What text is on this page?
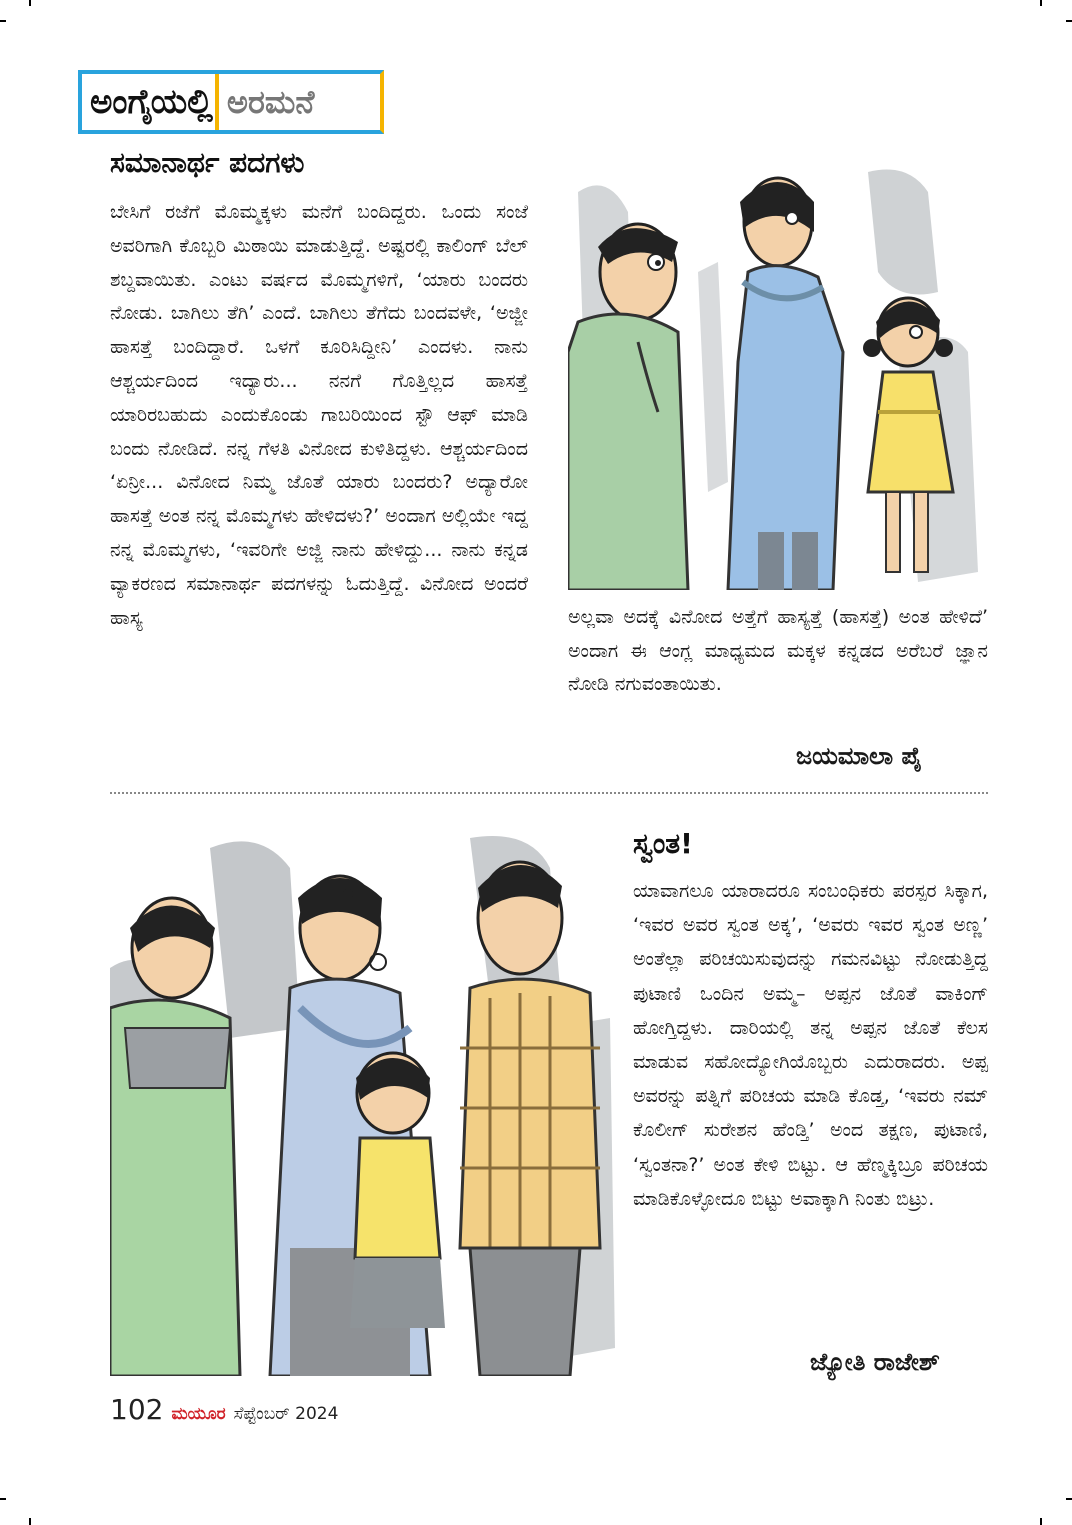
ಅಂಗೈಯಲ್ಲಿ ಅರಮನೆ
ಸಮಾನಾರ್ಥ ಪದಗಳು

ಬೇಸಿಗೆ ರಜೆಗೆ ಮೊಮ್ಮಕ್ಕಳು ಮನೆಗೆ ಬಂದಿದ್ದರು. ಒಂದು ಸಂಜೆ ಅವರಿಗಾಗಿ ಕೊಬ್ಬರಿ ಮಿಠಾಯಿ ಮಾಡುತ್ತಿದ್ದೆ. ಅಷ್ಟರಲ್ಲಿ ಕಾಲಿಂಗ್ ಬೆಲ್ ಶಬ್ದವಾಯಿತು. ಎಂಟು ವರ್ಷದ ಮೊಮ್ಮಗಳಿಗೆ, ‘ಯಾರು ಬಂದರು ನೋಡು. ಬಾಗಿಲು ತೆಗಿ’ ಎಂದೆ. ಬಾಗಿಲು ತೆಗೆದು ಬಂದವಳೇ, ‘ಅಜ್ಜೀ ಹಾಸತ್ತೆ ಬಂದಿದ್ದಾರೆ. ಒಳಗೆ ಕೂರಿಸಿದ್ದೀನಿ’ ಎಂದಳು. ನಾನು ಆಶ್ಚರ್ಯದಿಂದ ಇದ್ಯಾರು... ನನಗೆ ಗೊತ್ತಿಲ್ಲದ ಹಾಸತ್ತೆ ಯಾರಿರಬಹುದು ಎಂದುಕೊಂಡು ಗಾಬರಿಯಿಂದ ಸ್ಟೌ ಆಫ್ ಮಾಡಿ ಬಂದು ನೋಡಿದೆ. ನನ್ನ ಗೆಳತಿ ವಿನೋದ ಕುಳಿತಿದ್ದಳು. ಆಶ್ಚರ್ಯದಿಂದ ‘ಏನ್ರೀ... ವಿನೋದ ನಿಮ್ಮ ಜೊತೆ ಯಾರು ಬಂದರು? ಅದ್ಯಾರೋ ಹಾಸತ್ತೆ ಅಂತ ನನ್ನ ಮೊಮ್ಮಗಳು ಹೇಳಿದಳು?’ ಅಂದಾಗ ಅಲ್ಲಿಯೇ ಇದ್ದ ನನ್ನ ಮೊಮ್ಮಗಳು, ‘ಇವರಿಗೇ ಅಜ್ಜಿ ನಾನು ಹೇಳಿದ್ದು... ನಾನು ಕನ್ನಡ ವ್ಯಾಕರಣದ ಸಮಾನಾರ್ಥ ಪದಗಳನ್ನು ಓದುತ್ತಿದ್ದೆ. ವಿನೋದ ಅಂದರೆ ಹಾಸ್ಯ	ಅಲ್ಲವಾ ಅದಕ್ಕೆ ವಿನೋದ ಅತ್ತೆಗೆ ಹಾಸ್ಯತ್ತೆ (ಹಾಸತ್ತೆ) ಅಂತ ಹೇಳಿದೆ’ ಅಂದಾಗ ಈ ಆಂಗ್ಲ ಮಾಧ್ಯಮದ ಮಕ್ಕಳ ಕನ್ನಡದ ಅರೆಬರೆ ಜ್ಞಾನ ನೋಡಿ ನಗುವಂತಾಯಿತು.

ಜಯಮಾಲಾ ಪೈ

ಸ್ವಂತ!

ಯಾವಾಗಲೂ ಯಾರಾದರೂ ಸಂಬಂಧಿಕರು ಪರಸ್ಪರ ಸಿಕ್ಕಾಗ, ‘ಇವರ ಅವರ ಸ್ವಂತ ಅಕ್ಕ’, ‘ಅವರು ಇವರ ಸ್ವಂತ ಅಣ್ಣ’ ಅಂತೆಲ್ಲಾ ಪರಿಚಯಿಸುವುದನ್ನು ಗಮನವಿಟ್ಟು ನೋಡುತ್ತಿದ್ದ ಪುಟಾಣಿ ಒಂದಿನ ಅಮ್ಮ– ಅಪ್ಪನ ಜೊತೆ ವಾಕಿಂಗ್ ಹೋಗ್ತಿದ್ದಳು. ದಾರಿಯಲ್ಲಿ ತನ್ನ ಅಪ್ಪನ ಜೊತೆ ಕೆಲಸ ಮಾಡುವ ಸಹೋದ್ಯೋಗಿಯೊಬ್ಬರು ಎದುರಾದರು. ಅಪ್ಪ ಅವರನ್ನು ಪತ್ನಿಗೆ ಪರಿಚಯ ಮಾಡಿ ಕೊಡ್ತ, ‘ಇವರು ನಮ್ ಕೊಲೀಗ್ ಸುರೇಶನ ಹೆಂಡ್ತಿ’ ಅಂದ ತಕ್ಷಣ, ಪುಟಾಣಿ, ‘ಸ್ವಂತನಾ?’ ಅಂತ ಕೇಳಿ ಬಿಟ್ಟು. ಆ ಹೆಣ್ಮಕ್ಕಿಬ್ರೂ ಪರಿಚಯ ಮಾಡಿಕೊಳ್ಳೋದೂ ಬಿಟ್ಟು ಅವಾಕ್ಕಾಗಿ ನಿಂತು ಬಿಟ್ರು.

ಜ್ಯೋತಿ ರಾಜೇಶ್

102 ಮಯೂರ ಸೆಪ್ಟೆಂಬರ್ 2024
